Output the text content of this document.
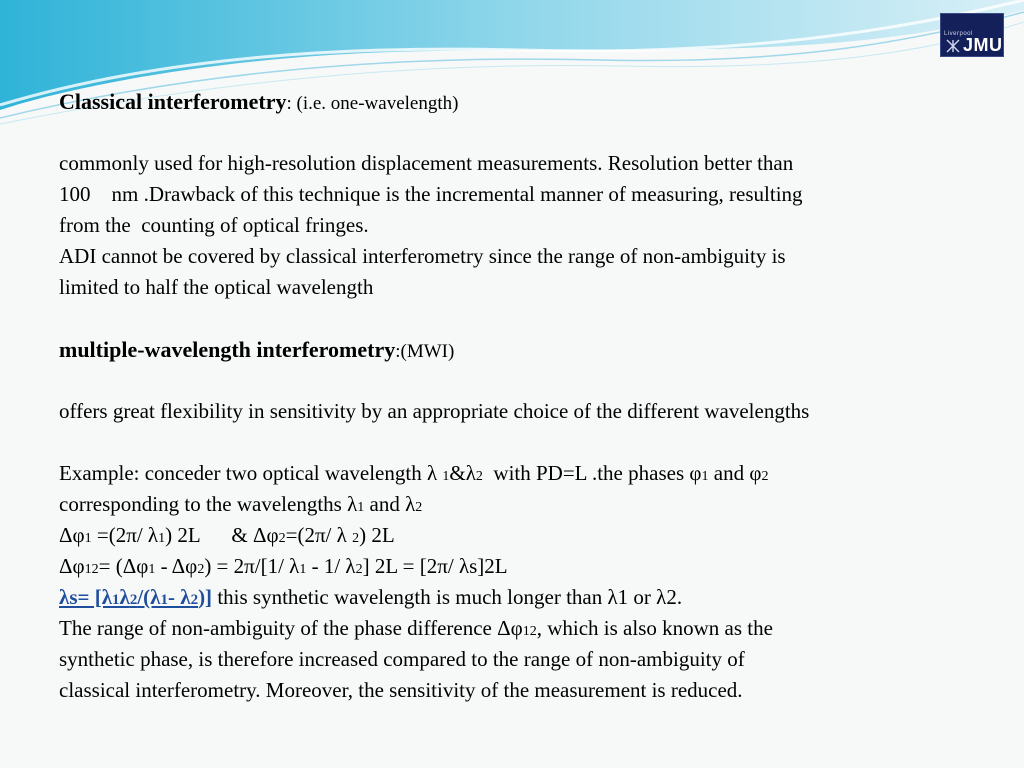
Liverpool
JMU
Classical interferometry: (i.e. one-wavelength)
commonly used for high-resolution displacement measurements. Resolution better than
100    nm .Drawback of this technique is the incremental manner of measuring, resulting
from the  counting of optical fringes.
ADI cannot be covered by classical interferometry since the range of non-ambiguity is
limited to half the optical wavelength
multiple-wavelength interferometry:(MWI)
offers great flexibility in sensitivity by an appropriate choice of the different wavelengths
Example: conceder two optical wavelength λ 1&λ2  with PD=L .the phases φ1 and φ2
corresponding to the wavelengths λ1 and λ2
Δφ1 =(2π/ λ1) 2L      & Δφ2=(2π/ λ 2) 2L
Δφ12= (Δφ1 - Δφ2) = 2π/[1/ λ1 - 1/ λ2] 2L = [2π/ λs]2L
λs= [λ1λ2/(λ1- λ2)] this synthetic wavelength is much longer than λ1 or λ2.
The range of non-ambiguity of the phase difference Δφ12, which is also known as the
synthetic phase, is therefore increased compared to the range of non-ambiguity of
classical interferometry. Moreover, the sensitivity of the measurement is reduced.
